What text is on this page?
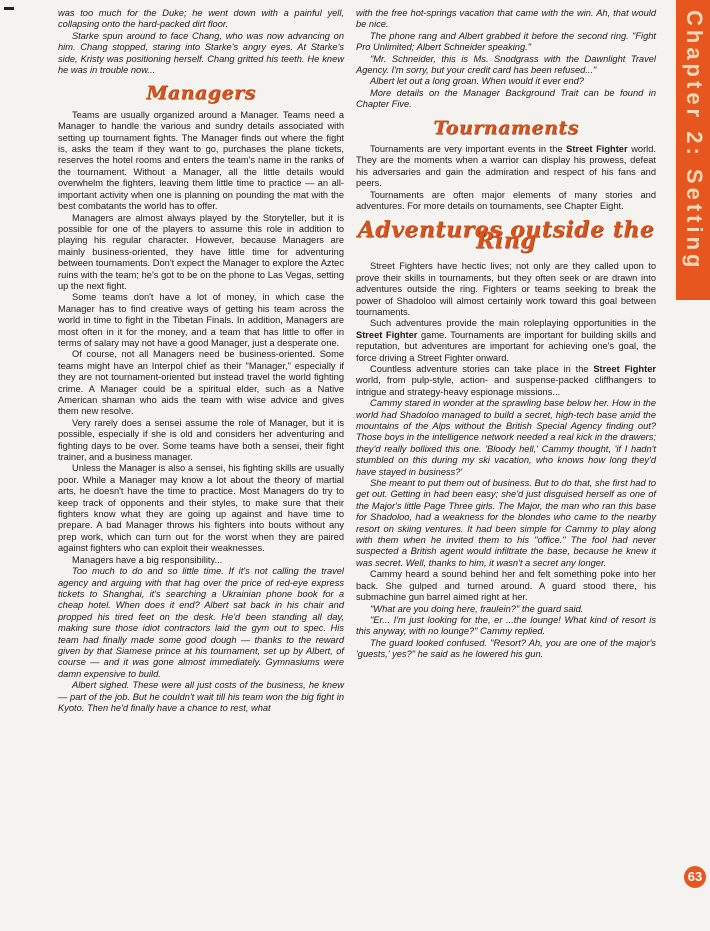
▬	was too much for the Duke; he went down with a painful yell, collapsing onto the hard-packed dirt floor.

Starke spun around to face Chang, who was now advancing on him. Chang stopped, staring into Starke's angry eyes. At Starke's side, Kristy was positioning herself. Chang gritted his teeth. He knew he was in trouble now...

Managers

Teams are usually organized around a Manager. Teams need a Manager to handle the various and sundry details associated with setting up tournament fights. The Manager finds out where the fight is, asks the team if they want to go, purchases the plane tickets, reserves the hotel rooms and enters the team's name in the ranks of the tournament. Without a Manager, all the little details would overwhelm the fighters, leaving them little time to practice — an all-important activity when one is planning on pounding the mat with the best combatants the world has to offer.

Managers are almost always played by the Storyteller, but it is possible for one of the players to assume this role in addition to playing his regular character. However, because Managers are mainly business-oriented, they have little time for adventuring between tournaments. Don't expect the Manager to explore the Aztec ruins with the team; he's got to be on the phone to Las Vegas, setting up the next fight.

Some teams don't have a lot of money, in which case the Manager has to find creative ways of getting his team across the world in time to fight in the Tibetan Finals. In addition, Managers are most often in it for the money, and a team that has little to offer in terms of salary may not have a good Manager, just a desperate one.

Of course, not all Managers need be business-oriented. Some teams might have an Interpol chief as their "Manager," especially if they are not tournament-oriented but instead travel the world fighting crime. A Manager could be a spiritual elder, such as a Native American shaman who aids the team with wise advice and gives them new resolve.

Very rarely does a sensei assume the role of Manager, but it is possible, especially if she is old and considers her adventuring and fighting days to be over. Some teams have both a sensei, their fight trainer, and a business manager.

Unless the Manager is also a sensei, his fighting skills are usually poor. While a Manager may know a lot about the theory of martial arts, he doesn't have the time to practice. Most Managers do try to keep track of opponents and their styles, to make sure that their fighters know what they are going up against and have time to prepare. A bad Manager throws his fighters into bouts without any prep work, which can turn out for the worst when they are paired against fighters who can exploit their weaknesses.

Managers have a big responsibility...

Too much to do and so little time. If it's not calling the travel agency and arguing with that hag over the price of red-eye express tickets to Shanghai, it's searching a Ukrainian phone book for a cheap hotel. When does it end? Albert sat back in his chair and propped his tired feet on the desk. He'd been standing all day, making sure those idiot contractors laid the gym out to spec. His team had finally made some good dough — thanks to the reward given by that Siamese prince at his tournament, set up by Albert, of course — and it was gone almost immediately. Gymnasiums were damn expensive to build.

Albert sighed. These were all just costs of the business, he knew — part of the job. But he couldn't wait till his team won the big fight in Kyoto. Then he'd finally have a chance to rest, what

with the free hot-springs vacation that came with the win. Ah, that would be nice.

The phone rang and Albert grabbed it before the second ring. "Fight Pro Unlimited; Albert Schneider speaking."

"Mr. Schneider, this is Ms. Snodgrass with the Dawnlight Travel Agency. I'm sorry, but your credit card has been refused..."

Albert let out a long groan. When would it ever end?

More details on the Manager Background Trait can be found in Chapter Five.

Tournaments

Tournaments are very important events in the Street Fighter world. They are the moments when a warrior can display his prowess, defeat his adversaries and gain the admiration and respect of his fans and peers.

Tournaments are often major elements of many stories and adventures. For more details on tournaments, see Chapter Eight.

Adventures outside the Ring

Street Fighters have hectic lives; not only are they called upon to prove their skills in tournaments, but they often seek or are drawn into adventures outside the ring. Fighters or teams seeking to break the power of Shadoloo will almost certainly work toward this goal between tournaments.

Such adventures provide the main roleplaying opportunities in the Street Fighter game. Tournaments are important for building skills and reputation, but adventures are important for achieving one's goal, the force driving a Street Fighter onward.

Countless adventure stories can take place in the Street Fighter world, from pulp-style, action- and suspense-packed cliffhangers to intrigue and strategy-heavy espionage missions...

Cammy stared in wonder at the sprawling base below her. How in the world had Shadoloo managed to build a secret, high-tech base amid the mountains of the Alps without the British Special Agency finding out? Those boys in the intelligence network needed a real kick in the drawers; they'd really bollixed this one. 'Bloody hell,' Cammy thought, 'if I hadn't stumbled on this during my ski vacation, who knows how long they'd have stayed in business?'

She meant to put them out of business. But to do that, she first had to get out. Getting in had been easy; she'd just disguised herself as one of the Major's little Page Three girls. The Major, the man who ran this base for Shadoloo, had a weakness for the blondes who came to the nearby resort on skiing ventures. It had been simple for Cammy to play along with them when he invited them to his "office." The fool had never suspected a British agent would infiltrate the base, because he knew it was secret. Well, thanks to him, it wasn't a secret any longer.

Cammy heard a sound behind her and felt something poke into her back. She gulped and turned around. A guard stood there, his submachine gun barrel aimed right at her.

"What are you doing here, fraulein?" the guard said.

"Er... I'm just looking for the, er ...the lounge! What kind of resort is this anyway, with no lounge?" Cammy replied.

The guard looked confused. "Resort? Ah, you are one of the major's 'guests,' yes?" he said as he lowered his gun.

Chapter 2: Setting
63
